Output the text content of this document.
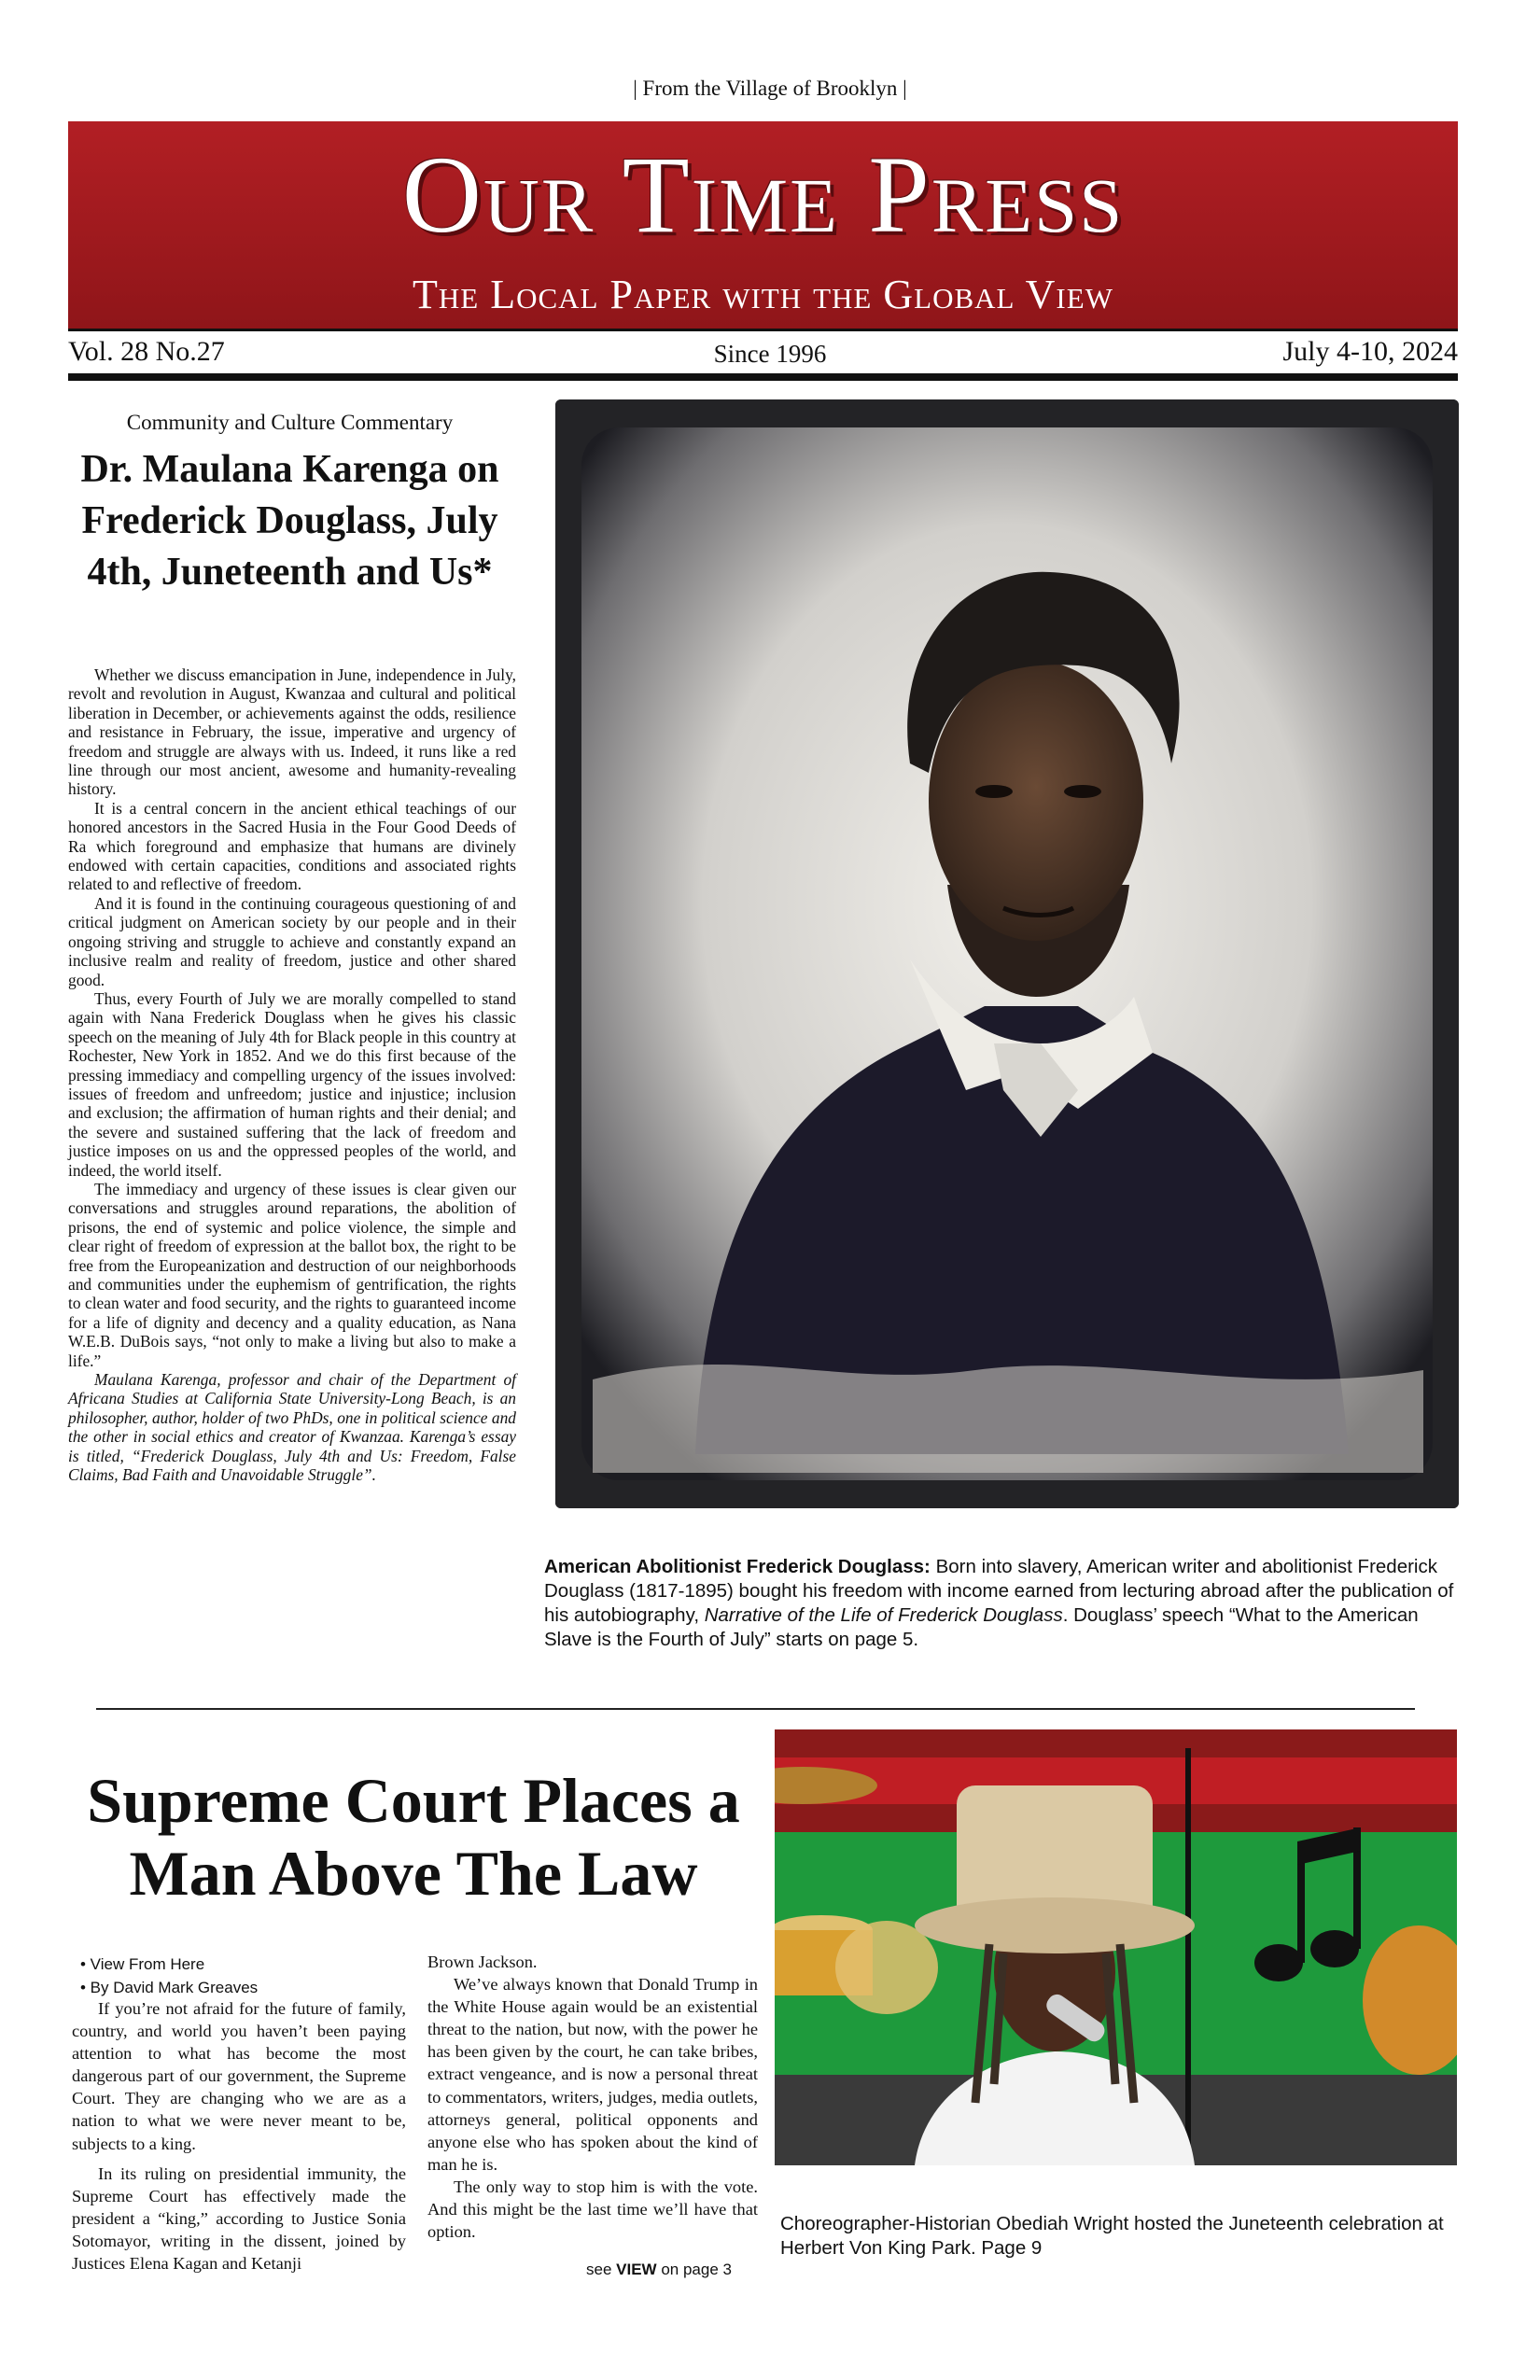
| From the Village of Brooklyn |
Our Time Press
The Local Paper with the Global View
Vol. 28 No.27	Since 1996	July 4-10, 2024
Community and Culture Commentary
Dr. Maulana Karenga on Frederick Douglass, July 4th, Juneteenth and Us*

Whether we discuss emancipation in June, independence in July, revolt and revolution in August, Kwanzaa and cultural and political liberation in December, or achievements against the odds, resilience and resistance in February, the issue, imperative and urgency of freedom and struggle are always with us. Indeed, it runs like a red line through our most ancient, awesome and humanity-revealing history.

It is a central concern in the ancient ethical teachings of our honored ancestors in the Sacred Husia in the Four Good Deeds of Ra which foreground and emphasize that humans are divinely endowed with certain capacities, conditions and associated rights related to and reflective of freedom.

And it is found in the continuing courageous questioning of and critical judgment on American society by our people and in their ongoing striving and struggle to achieve and constantly expand an inclusive realm and reality of freedom, justice and other shared good.

Thus, every Fourth of July we are morally compelled to stand again with Nana Frederick Douglass when he gives his classic speech on the meaning of July 4th for Black people in this country at Rochester, New York in 1852. And we do this first because of the pressing immediacy and compelling urgency of the issues involved: issues of freedom and unfreedom; justice and injustice; inclusion and exclusion; the affirmation of human rights and their denial; and the severe and sustained suffering that the lack of freedom and justice imposes on us and the oppressed peoples of the world, and indeed, the world itself.

The immediacy and urgency of these issues is clear given our conversations and struggles around reparations, the abolition of prisons, the end of systemic and police violence, the simple and clear right of freedom of expression at the ballot box, the right to be free from the Europeanization and destruction of our neighborhoods and communities under the euphemism of gentrification, the rights to clean water and food security, and the rights to guaranteed income for a life of dignity and decency and a quality education, as Nana W.E.B. DuBois says, “not only to make a living but also to make a life.”

Maulana Karenga, professor and chair of the Department of Africana Studies at California State University-Long Beach, is an philosopher, author, holder of two PhDs, one in political science and the other in social ethics and creator of Kwanzaa. Karenga’s essay is titled, “Frederick Douglass, July 4th and Us: Freedom, False Claims, Bad Faith and Unavoidable Struggle”.

American Abolitionist Frederick Douglass: Born into slavery, American writer and abolitionist Frederick Douglass (1817-1895) bought his freedom with income earned from lecturing abroad after the publication of his autobiography, Narrative of the Life of Frederick Douglass. Douglass’ speech “What to the American Slave is the Fourth of July” starts on page 5.
Supreme Court Places a Man Above The Law
• View From Here
• By David Mark Greaves

If you’re not afraid for the future of family, country, and world you haven’t been paying attention to what has become the most dangerous part of our government, the Supreme Court. They are changing who we are as a nation to what we were never meant to be, subjects to a king.

In its ruling on presidential immunity, the Supreme Court has effectively made the president a “king,” according to Justice Sonia Sotomayor, writing in the dissent, joined by Justices Elena Kagan and Ketanji

Brown Jackson.

We’ve always known that Donald Trump in the White House again would be an existential threat to the nation, but now, with the power he has been given by the court, he can take bribes, extract vengeance, and is now a personal threat to commentators, writers, judges, media outlets, attorneys general, political opponents and anyone else who has spoken about the kind of man he is.

The only way to stop him is with the vote. And this might be the last time we’ll have that option.

see VIEW on page 3
Choreographer-Historian Obediah Wright hosted the Juneteenth celebration at Herbert Von King Park. Page 9
